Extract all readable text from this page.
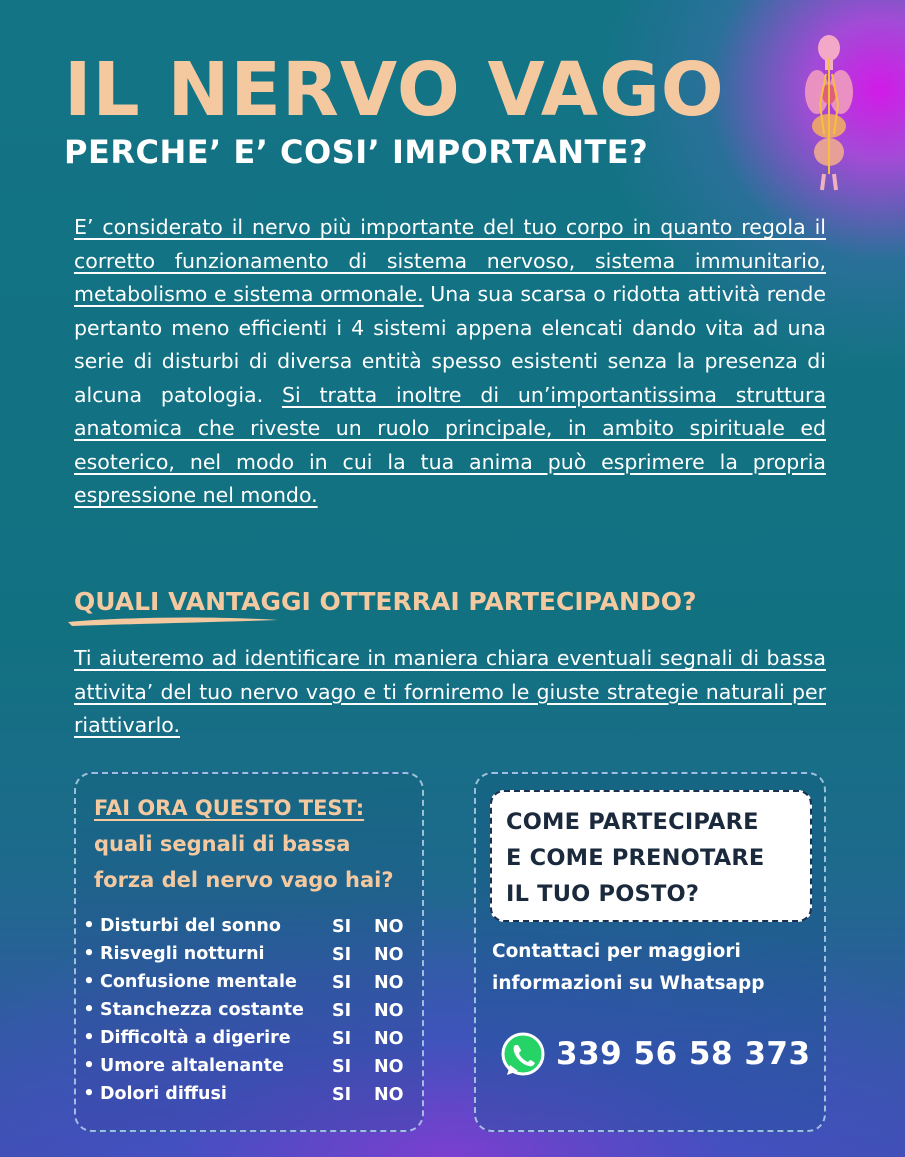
IL NERVO VAGO
PERCHE’ E’ COSI’ IMPORTANTE?

E’ considerato il nervo più importante del tuo corpo in quanto regola il corretto funzionamento di sistema nervoso, sistema immunitario, metabolismo e sistema ormonale. Una sua scarsa o ridotta attività rende pertanto meno efficienti i 4 sistemi appena elencati dando vita ad una serie di disturbi di diversa entità spesso esistenti senza la presenza di alcuna patologia. Si tratta inoltre di un’importantissima struttura anatomica che riveste un ruolo principale, in ambito spirituale ed esoterico, nel modo in cui la tua anima può esprimere la propria espressione nel mondo.

QUALI VANTAGGI OTTERRAI PARTECIPANDO?

Ti aiuteremo ad identificare in maniera chiara eventuali segnali di bassa attivita’ del tuo nervo vago e ti forniremo le giuste strategie naturali per riattivarlo.

FAI ORA QUESTO TEST:

quali segnali di bassa forza del nervo vago hai?

• Disturbi del sonno	SI NO
• Risvegli notturni	SI NO
• Confusione mentale SI NO
• Stanchezza costante SI NO
• Difficoltà a digerire SI NO
• Umore altalenante	SI NO
• Dolori diffusi	SI NO

COME PARTECIPARE

E COME PRENOTARE

IL TUO POSTO?

Contattaci per maggiori informazioni su Whatsapp

339 56 58 373
